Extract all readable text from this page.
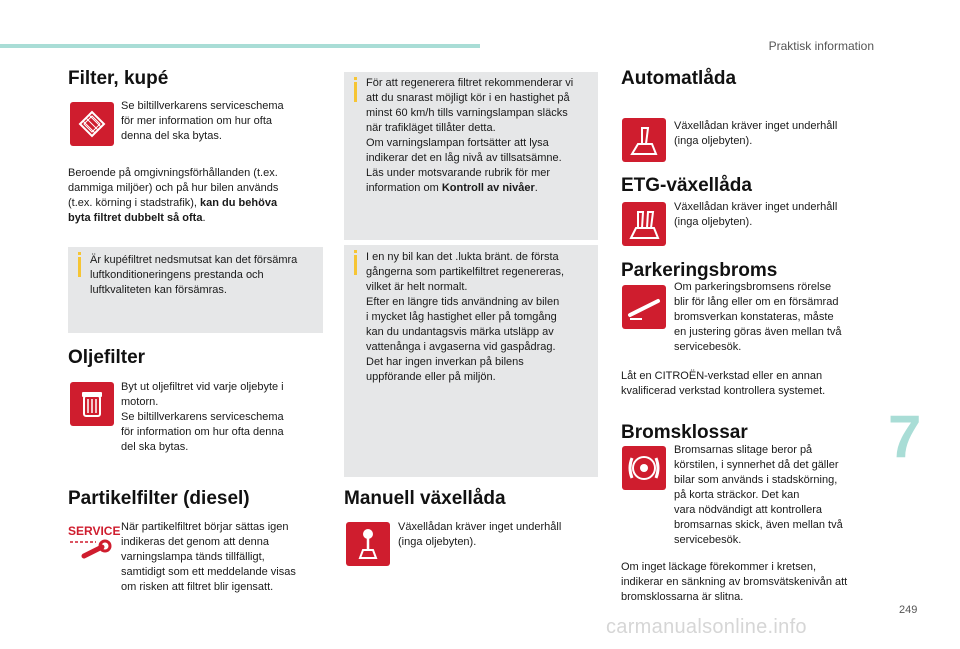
Praktisk information
Filter, kupé
Se biltillverkarens serviceschema
för mer information om hur ofta
denna del ska bytas.
Beroende på omgivningsförhållanden (t.ex.
dammiga miljöer) och på hur bilen används
(t.ex. körning i stadstrafik), kan du behöva
byta filtret dubbelt så ofta.
Är kupéfiltret nedsmutsat kan det försämra
luftkonditioneringens prestanda och
luftkvaliteten kan försämras.
Oljefilter
Byt ut oljefiltret vid varje oljebyte i
motorn.
Se biltillverkarens serviceschema
för information om hur ofta denna
del ska bytas.
Partikelfilter (diesel)
SERVICE När partikelfiltret börjar sättas igen
indikeras det genom att denna
varningslampa tänds tillfälligt,
samtidigt som ett meddelande visas
om risken att filtret blir igensatt.
För att regenerera filtret rekommenderar vi
att du snarast möjligt kör i en hastighet på
minst 60 km/h tills varningslampan släcks
när trafikläget tillåter detta.
Om varningslampan fortsätter att lysa
indikerar det en låg nivå av tillsatsämne.
Läs under motsvarande rubrik för mer
information om Kontroll av nivåer.
I en ny bil kan det .lukta bränt. de första
gångerna som partikelfiltret regenereras,
vilket är helt normalt.
Efter en längre tids användning av bilen
i mycket låg hastighet eller på tomgång
kan du undantagsvis märka utsläpp av
vattenånga i avgaserna vid gaspådrag.
Det har ingen inverkan på bilens
uppförande eller på miljön.
Manuell växellåda
Växellådan kräver inget underhåll
(inga oljebyten).
Automatlåda
Växellådan kräver inget underhåll
(inga oljebyten).
ETG-växellåda
Växellådan kräver inget underhåll
(inga oljebyten).
Parkeringsbroms
Om parkeringsbromsens rörelse
blir för lång eller om en försämrad
bromsverkan konstateras, måste
en justering göras även mellan två
servicebesök.
Låt en CITROËN-verkstad eller en annan
kvalificerad verkstad kontrollera systemet.
Bromsklossar
Bromsarnas slitage beror på
körstilen, i synnerhet då det gäller
bilar som används i stadskörning,
på korta sträckor. Det kan
vara nödvändigt att kontrollera
bromsarnas skick, även mellan två
servicebesök.
Om inget läckage förekommer i kretsen,
indikerar en sänkning av bromsvätskenivån att
bromsklossarna är slitna.
7
249
carmanualsonline.info
